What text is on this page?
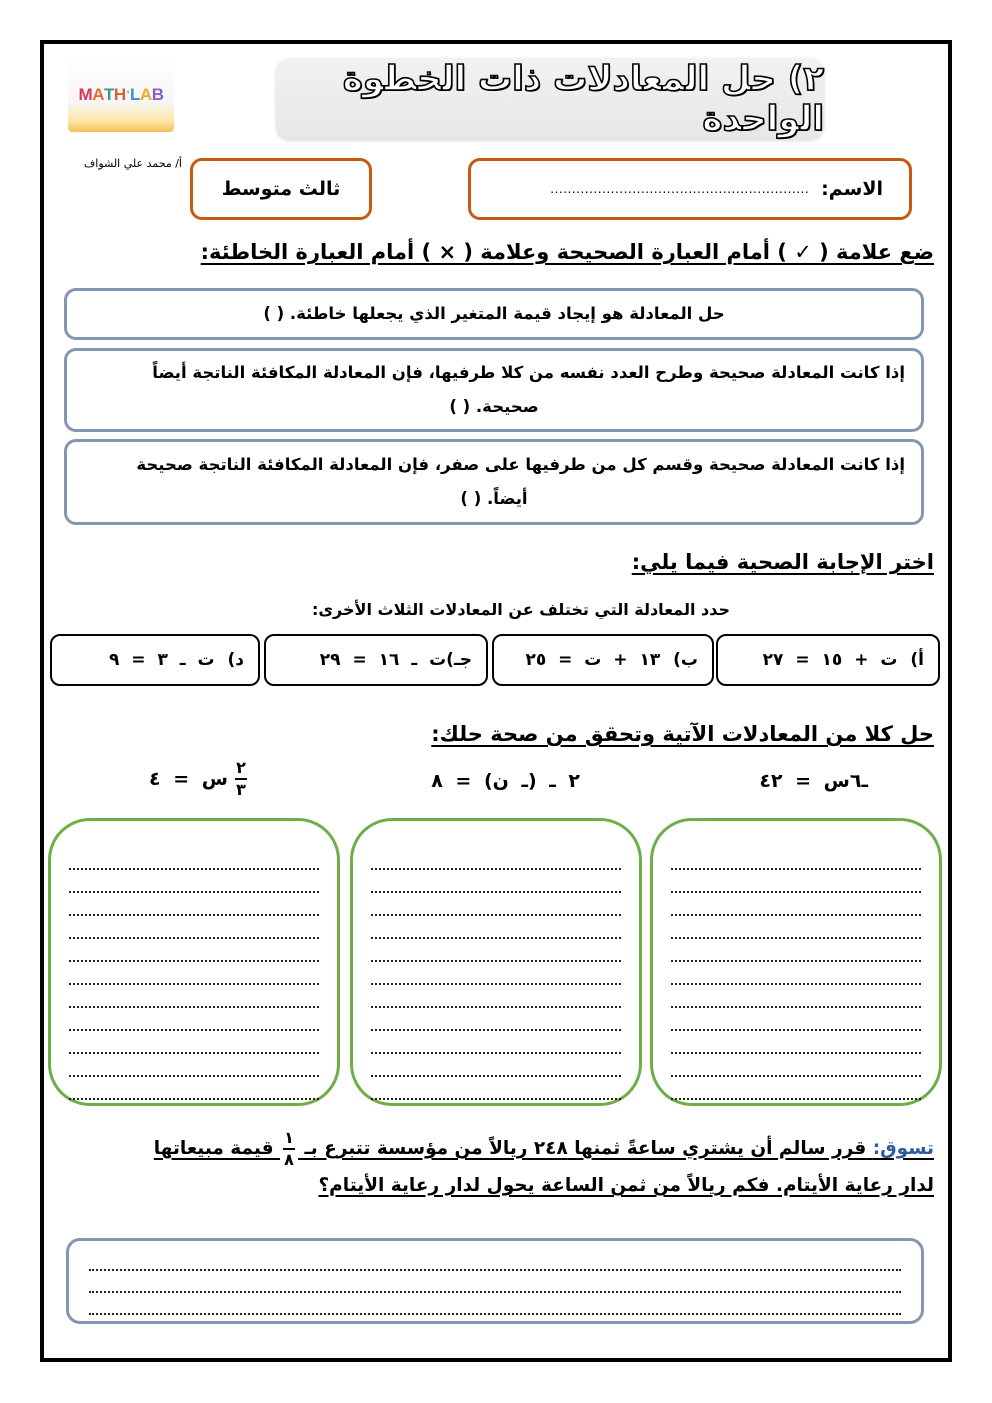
M A T H ' L A B	٢) حل المعادلات ذات الخطوة الواحدة
أ/ محمد علي الشواف
ثالث متوسط	الاسم:
............................................................
ضع علامة ( ✓ ) أمام العبارة الصحيحة وعلامة ( × ) أمام العبارة الخاطئة:
حل المعادلة هو إيجاد قيمة المتغير الذي يجعلها خاطئة. ( )

إذا كانت المعادلة صحيحة وطرح العدد نفسه من كلا طرفيها، فإن المعادلة المكافئة الناتجة أيضاً
صحيحة. ( )

إذا كانت المعادلة صحيحة وقسم كل من طرفيها على صفر، فإن المعادلة المكافئة الناتجة صحيحة
أيضاً. ( )

اختر الإجابة الصحية فيما يلي:
حدد المعادلة التي تختلف عن المعادلات الثلاث الأخرى:
أ)

ت + ١٥ = ٢٧
ب)

١٣ + ت = ٢٥
جـ)
ت ـ ١٦ = ٢٩
د)

ت ـ ٣ = ٩
حل كلا من المعادلات الآتية وتحقق من صحة حلك:
ـ٦س = ٤٢
٢ ـ (ـ ن) = ٨
$\frac{٢}{٣}$
س = ٤
تسوق: قرر سالم أن يشتري ساعةً ثمنها ٢٤٨ ريالاً من مؤسسة تتبرع بـ
$\frac{١}{٨}$
قيمة مبيعاتها
لدار رعاية الأيتام. فكم ريالاً من ثمن الساعة يحول لدار رعاية الأيتام؟
